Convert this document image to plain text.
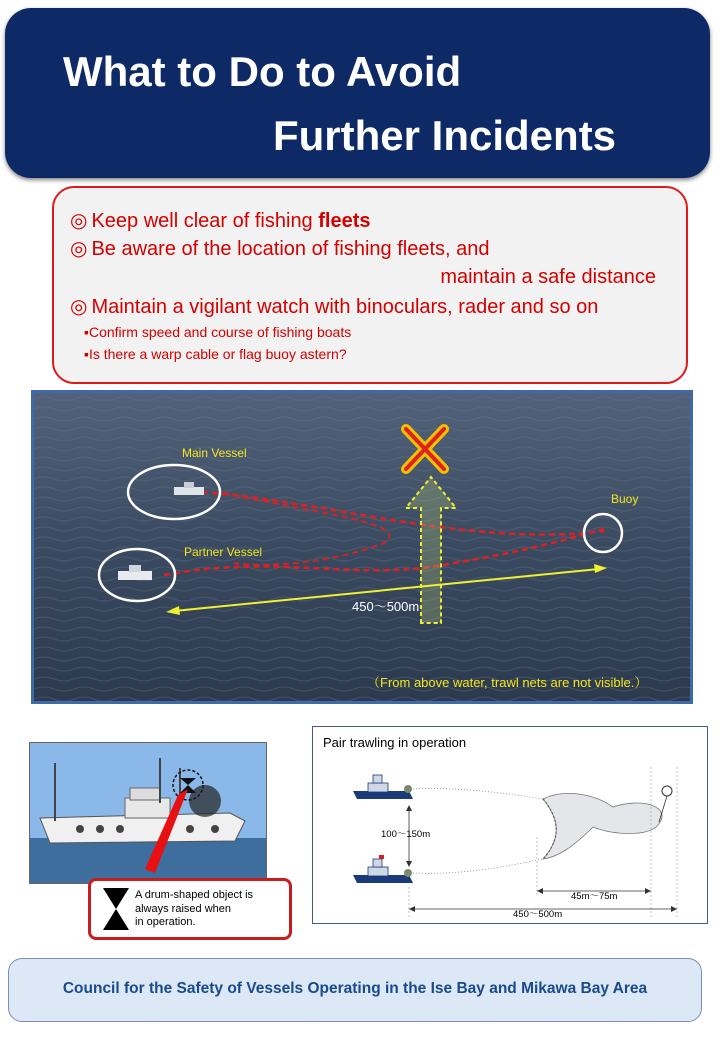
What to Do to Avoid
Further Incidents
◎ Keep well clear of fishing fleets
◎ Be aware of the location of fishing fleets, and
maintain a safe distance
◎ Maintain a vigilant watch with binoculars, rader and so on
▪Confirm speed and course of fishing boats
▪Is there a warp cable or flag buoy astern?
Main Vessel
Partner Vessel
Buoy
450～500m
（From above water, trawl nets are not visible.）
A drum-shaped object is
always raised when
in operation.
Pair trawling in operation
100～150m
45m～75m
450～500m
Council for the Safety of Vessels Operating in the Ise Bay and Mikawa Bay Area
